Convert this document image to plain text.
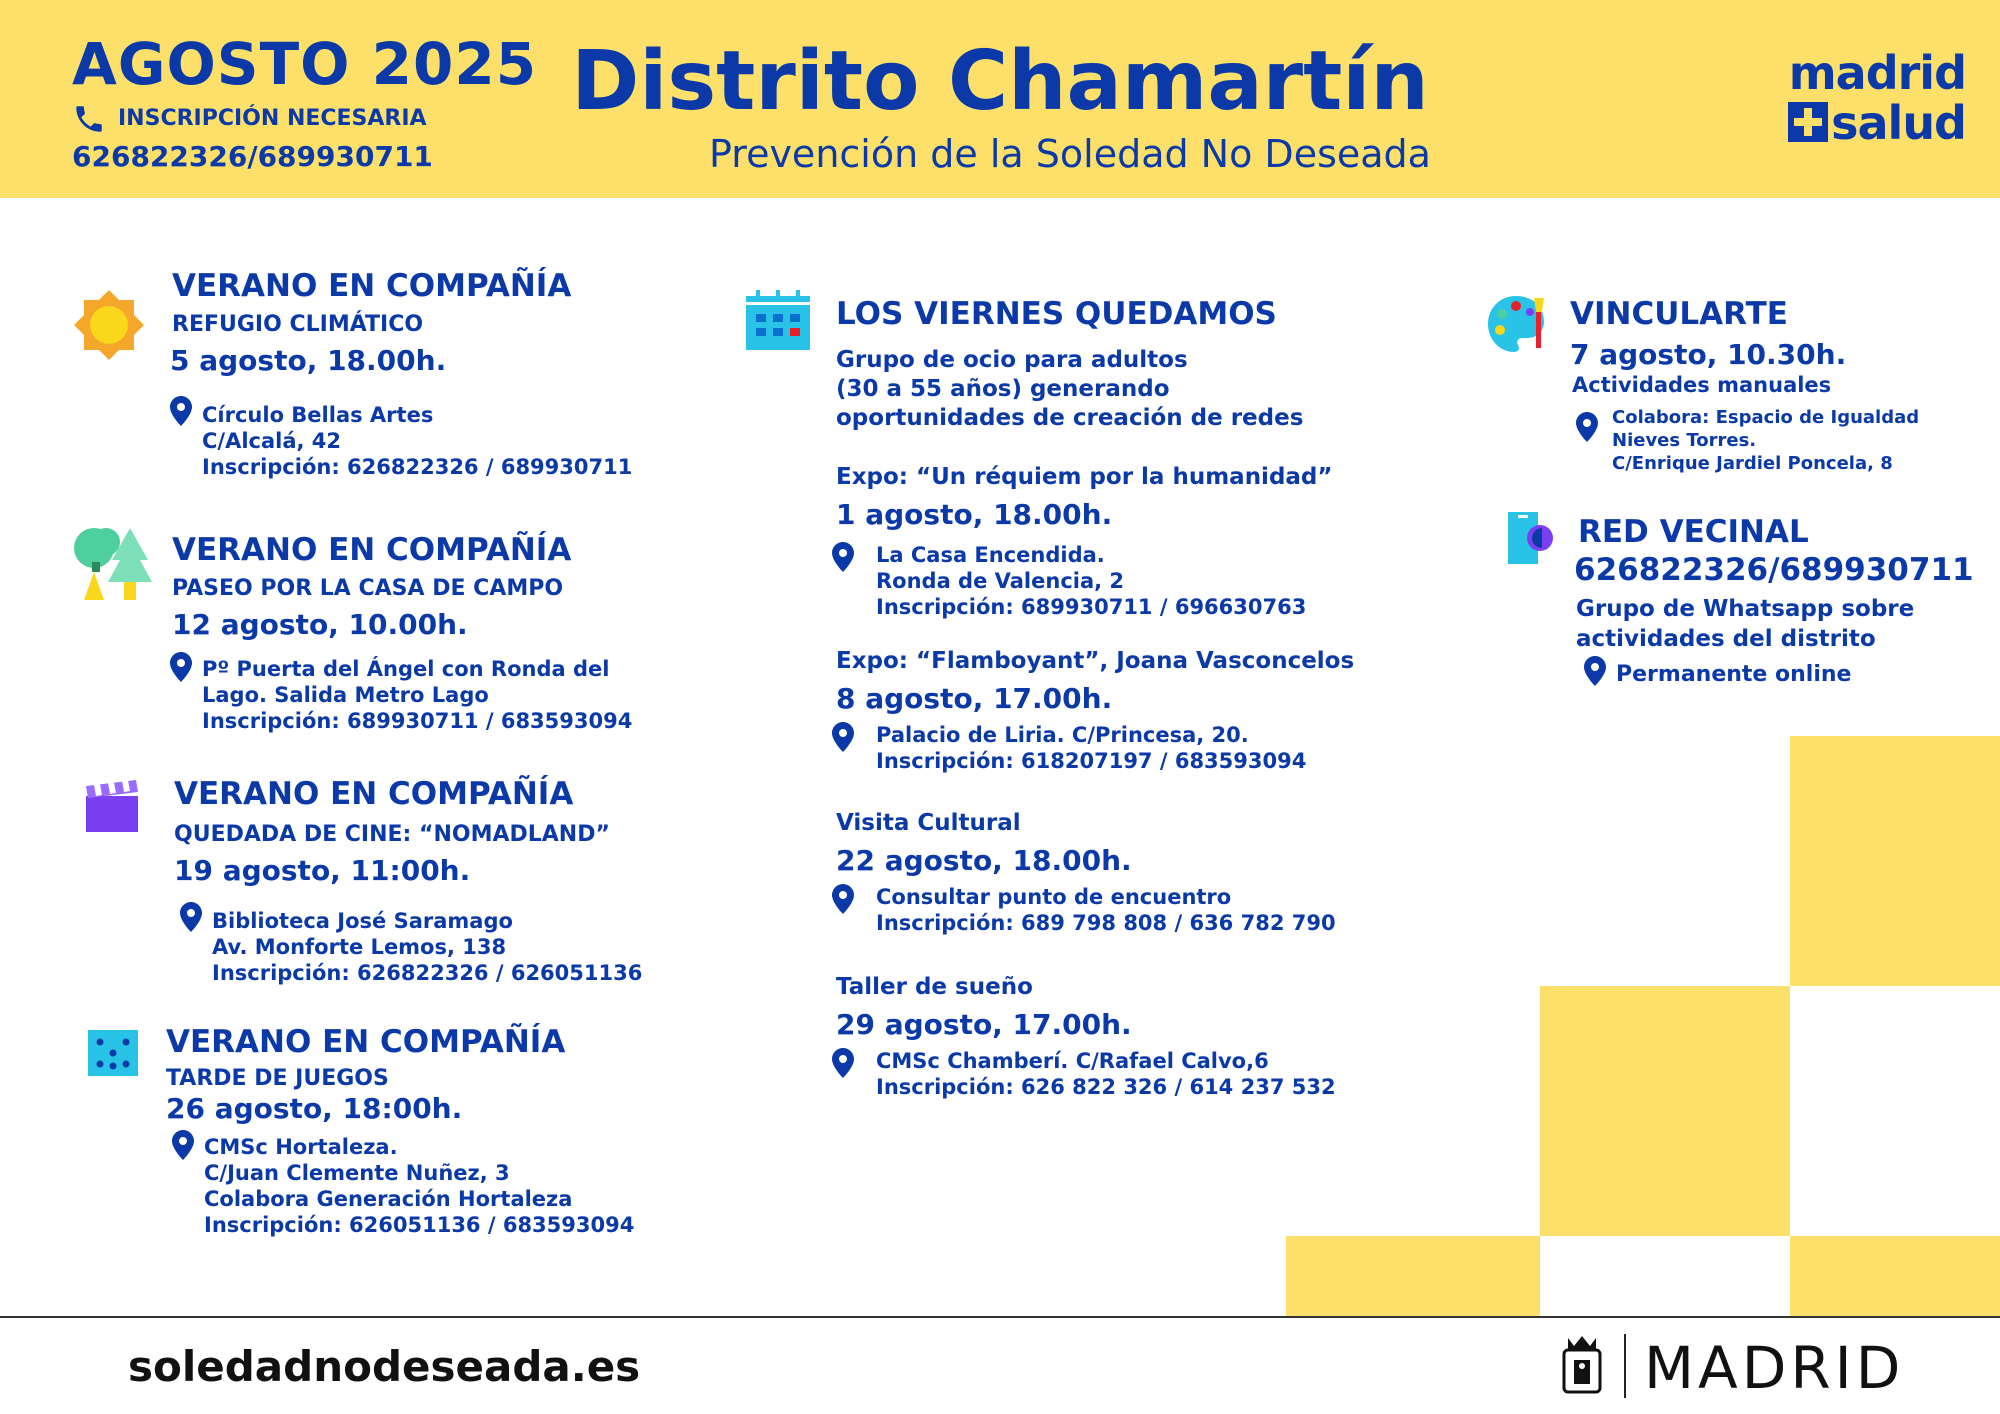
AGOSTO 2025
INSCRIPCIÓN NECESARIA
626822326/689930711
Distrito Chamartín
Prevención de la Soledad No Deseada
madrid
salud
VERANO EN COMPAÑÍA
REFUGIO CLIMÁTICO
5 agosto, 18.00h.
Círculo Bellas Artes
C/Alcalá, 42
Inscripción: 626822326 / 689930711
VERANO EN COMPAÑÍA
PASEO POR LA CASA DE CAMPO
12 agosto, 10.00h.
Pº Puerta del Ángel con Ronda del
Lago. Salida Metro Lago
Inscripción: 689930711 / 683593094
VERANO EN COMPAÑÍA
QUEDADA DE CINE: “NOMADLAND”
19 agosto, 11:00h.
Biblioteca José Saramago
Av. Monforte Lemos, 138
Inscripción: 626822326 / 626051136
VERANO EN COMPAÑÍA
TARDE DE JUEGOS
26 agosto, 18:00h.
CMSc Hortaleza.
C/Juan Clemente Nuñez, 3
Colabora Generación Hortaleza
Inscripción: 626051136 / 683593094
LOS VIERNES QUEDAMOS
Grupo de ocio para adultos
(30 a 55 años) generando
oportunidades de creación de redes
Expo: “Un réquiem por la humanidad”
1 agosto, 18.00h.
La Casa Encendida.
Ronda de Valencia, 2
Inscripción: 689930711 / 696630763
Expo: “Flamboyant”, Joana Vasconcelos
8 agosto, 17.00h.
Palacio de Liria. C/Princesa, 20.
Inscripción: 618207197 / 683593094
Visita Cultural
22 agosto, 18.00h.
Consultar punto de encuentro
Inscripción: 689 798 808 / 636 782 790
Taller de sueño
29 agosto, 17.00h.
CMSc Chamberí. C/Rafael Calvo,6
Inscripción: 626 822 326 / 614 237 532
VINCULARTE
7 agosto, 10.30h.
Actividades manuales
Colabora: Espacio de Igualdad
Nieves Torres.
C/Enrique Jardiel Poncela, 8
RED VECINAL
626822326/689930711
Grupo de Whatsapp sobre
actividades del distrito
Permanente online
soledadnodeseada.es	MADRID
